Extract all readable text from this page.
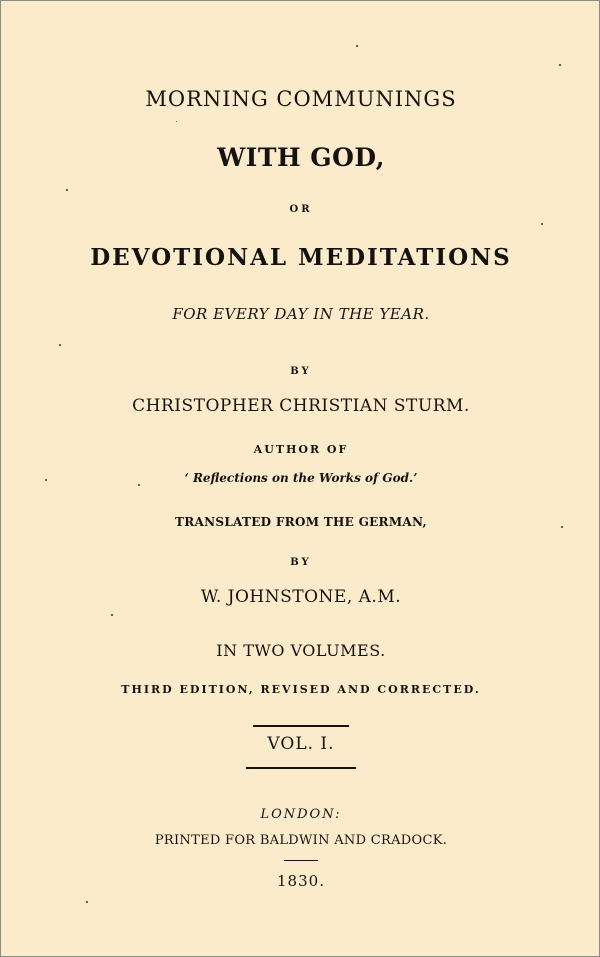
MORNING COMMUNINGS
WITH GOD,
OR
DEVOTIONAL MEDITATIONS
FOR EVERY DAY IN THE YEAR.
BY
CHRISTOPHER CHRISTIAN STURM.
AUTHOR OF
‘ Reflections on the Works of God.’
TRANSLATED FROM THE GERMAN,
BY
W. JOHNSTONE, A.M.
IN TWO VOLUMES.
THIRD EDITION, REVISED AND CORRECTED.
VOL. I.
LONDON:
PRINTED FOR BALDWIN AND CRADOCK.
1830.
